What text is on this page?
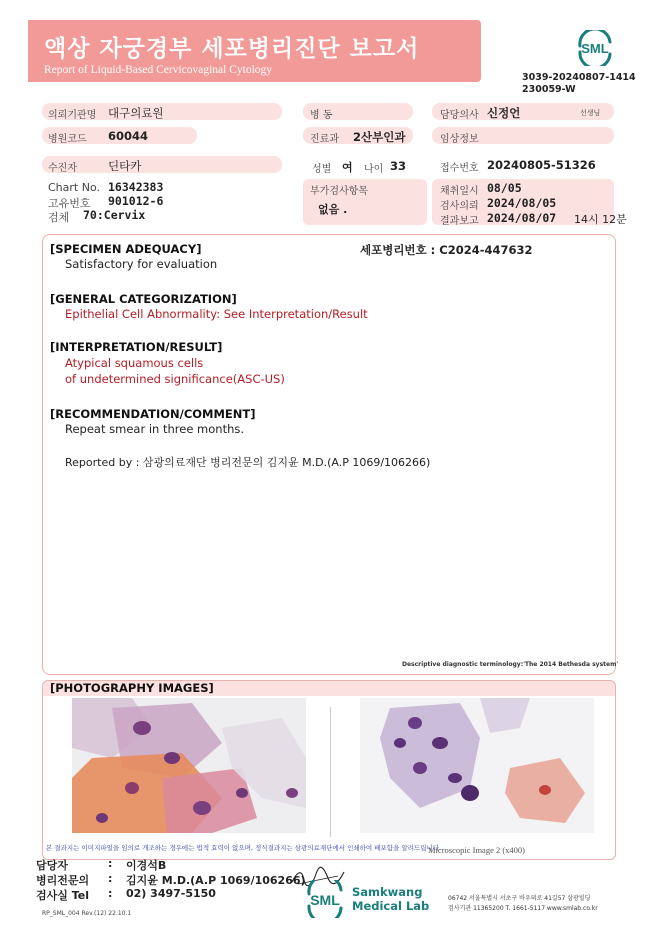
액상 자궁경부 세포병리진단 보고서
Report of Liquid-Based Cervicovaginal Cytology
SML
3039-20240807-1414
230059-W
의뢰기관명 대구의료원	병 동	담당의사 신정언	선생님
병원코드 60044	진료과 2산부인과	임상정보
수진자	딘타카	성별 여 나이 33	접수번호 20240805-51326
Chart No. 16342383
고유번호 901012-6
검체 70:Cervix
부가검사항목
없음 .
채취일시 08/05
검사의뢰 2024/08/05
결과보고 2024/08/07 14시 12분
세포병리번호 : C2024-447632
[SPECIMEN ADEQUACY]
Satisfactory for evaluation
[GENERAL CATEGORIZATION]
Epithelial Cell Abnormality: See Interpretation/Result
[INTERPRETATION/RESULT]
Atypical squamous cells
of undetermined significance(ASC-US)
[RECOMMENDATION/COMMENT]
Repeat smear in three months.
Reported by : 삼광의료재단 병리전문의 김지윤 M.D.(A.P 1069/106266)
Descriptive diagnostic terminology:'The 2014 Bethesda system'
[PHOTOGRAPHY IMAGES]
Microscopic Image 2 (x400)
본 결과지는 이미지파일을 임의로 개조하는 경우에는 법적 효력이 없으며, 정식결과지는 삼광의료재단에서 인쇄하여 배포함을 알려드립니다.
담당자	: 이경석B
병리전문의 : 김지윤 M.D.(A.P 1069/106266)
검사실 Tel : 02) 3497-5150
RP_SML_004 Rev.(12) 22.10.1
SML Samkwang
Medical Lab
06742 서울특별시 서초구 바우뫼로 41길57 삼광빌딩
검사기관 11365200 T. 1661-5117 www.smlab.co.kr
